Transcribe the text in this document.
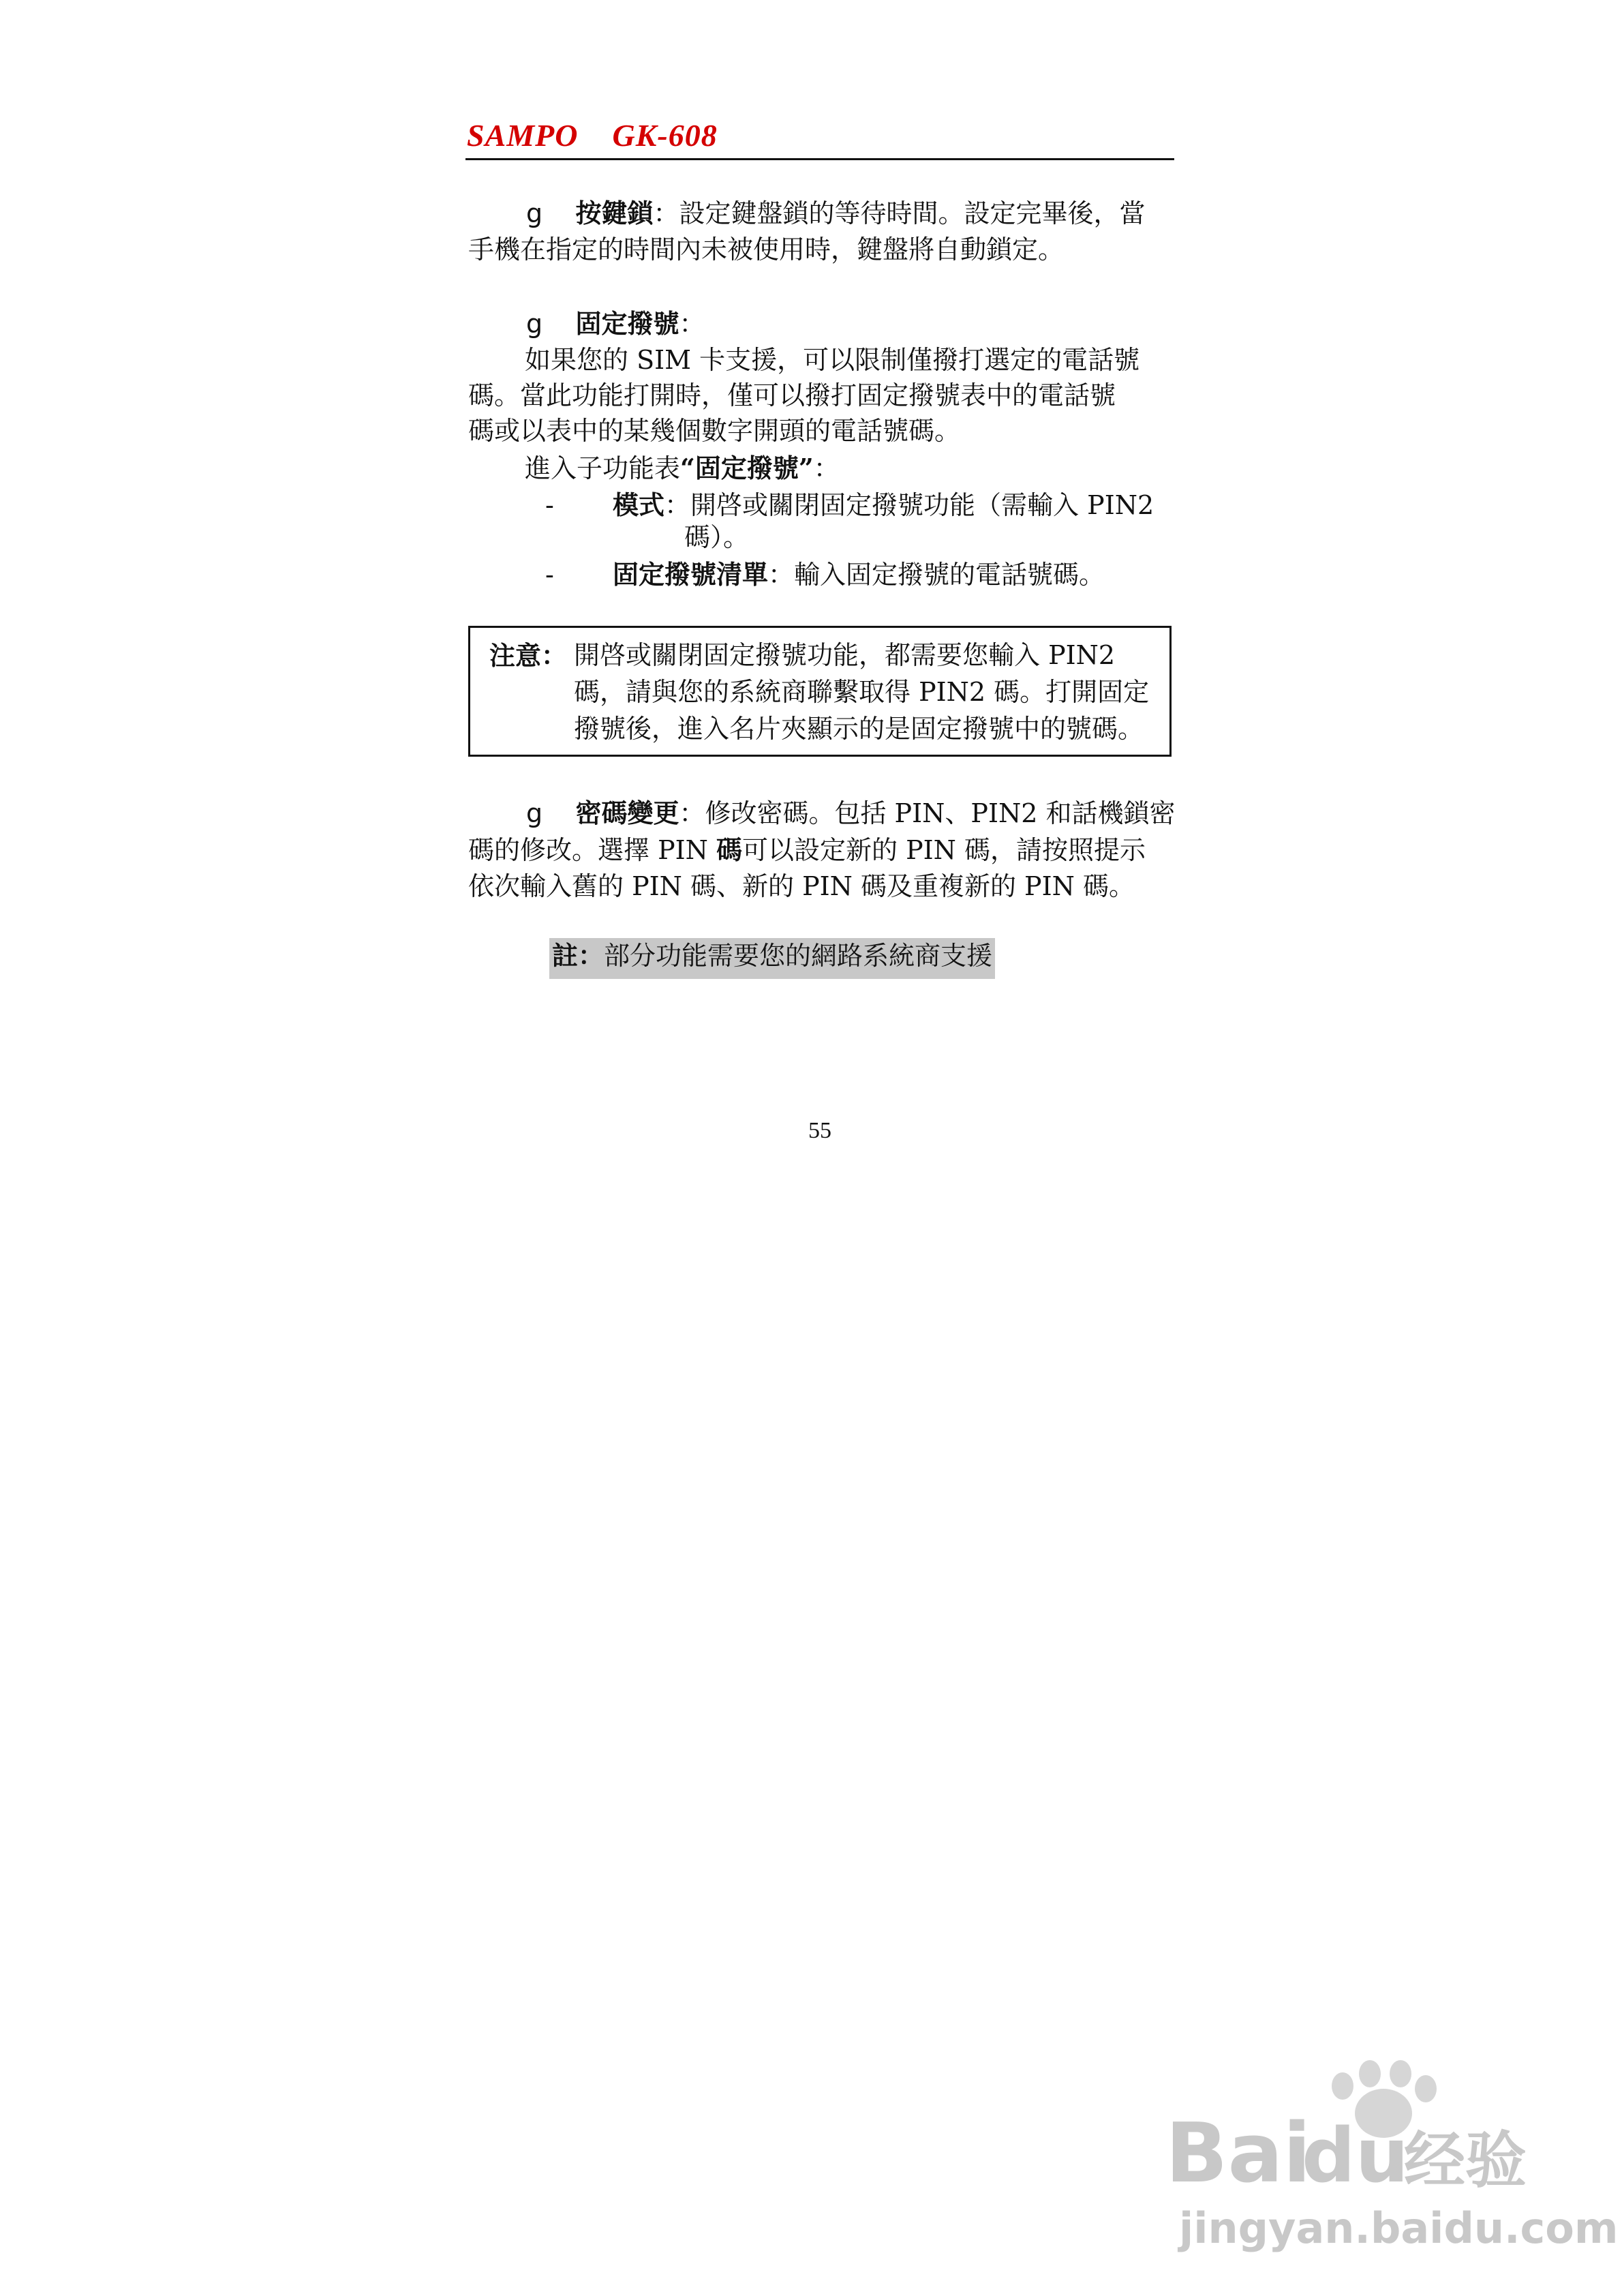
SAMPO GK-608
g 按鍵鎖：設定鍵盤鎖的等待時間。設定完畢後，當
手機在指定的時間內未被使用時，鍵盤將自動鎖定。
g 固定撥號：
如果您的 SIM 卡支援，可以限制僅撥打選定的電話號
碼。當此功能打開時，僅可以撥打固定撥號表中的電話號
碼或以表中的某幾個數字開頭的電話號碼。
進入子功能表“固定撥號”：
- 模式：開啓或關閉固定撥號功能（需輸入 PIN2
碼）。
- 固定撥號清單：輸入固定撥號的電話號碼。
注意： 開啓或關閉固定撥號功能，都需要您輸入 PIN2
碼，請與您的系統商聯繫取得 PIN2 碼。打開固定
撥號後，進入名片夾顯示的是固定撥號中的號碼。
g 密碼變更：修改密碼。包括 PIN、PIN2 和話機鎖密
碼的修改。選擇 PIN 碼可以設定新的 PIN 碼，請按照提示
依次輸入舊的 PIN 碼、新的 PIN 碼及重複新的 PIN 碼。
註：部分功能需要您的網路系統商支援
55
Bai
du
经验
jingyan.baidu.com
